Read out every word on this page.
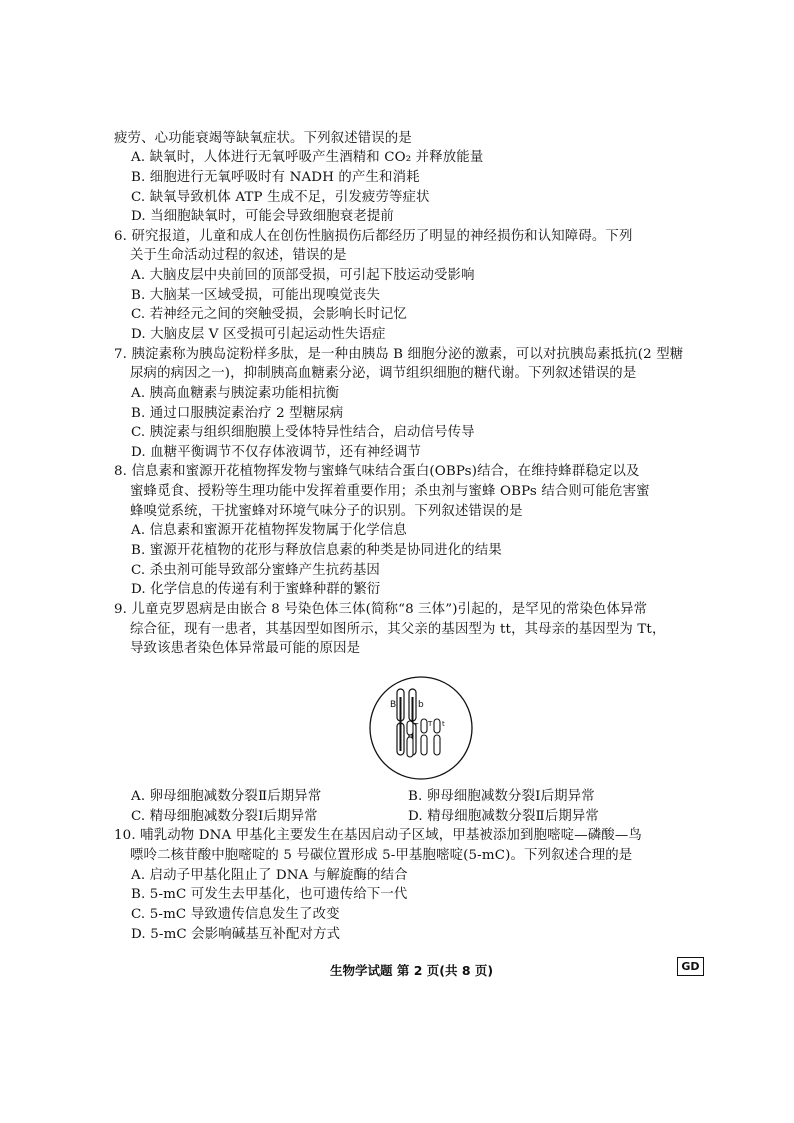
疲劳、心功能衰竭等缺氧症状。下列叙述错误的是
A. 缺氧时，人体进行无氧呼吸产生酒精和 CO₂ 并释放能量
B. 细胞进行无氧呼吸时有 NADH 的产生和消耗
C. 缺氧导致机体 ATP 生成不足，引发疲劳等症状
D. 当细胞缺氧时，可能会导致细胞衰老提前
6. 研究报道，儿童和成人在创伤性脑损伤后都经历了明显的神经损伤和认知障碍。下列
关于生命活动过程的叙述，错误的是
A. 大脑皮层中央前回的顶部受损，可引起下肢运动受影响
B. 大脑某一区域受损，可能出现嗅觉丧失
C. 若神经元之间的突触受损，会影响长时记忆
D. 大脑皮层 V 区受损可引起运动性失语症
7. 胰淀素称为胰岛淀粉样多肽，是一种由胰岛 B 细胞分泌的激素，可以对抗胰岛素抵抗(2 型糖
尿病的病因之一)，抑制胰高血糖素分泌，调节组织细胞的糖代谢。下列叙述错误的是
A. 胰高血糖素与胰淀素功能相抗衡
B. 通过口服胰淀素治疗 2 型糖尿病
C. 胰淀素与组织细胞膜上受体特异性结合，启动信号传导
D. 血糖平衡调节不仅存体液调节，还有神经调节
8. 信息素和蜜源开花植物挥发物与蜜蜂气味结合蛋白(OBPs)结合，在维持蜂群稳定以及
蜜蜂觅食、授粉等生理功能中发挥着重要作用；杀虫剂与蜜蜂 OBPs 结合则可能危害蜜
蜂嗅觉系统，干扰蜜蜂对环境气味分子的识别。下列叙述错误的是
A. 信息素和蜜源开花植物挥发物属于化学信息
B. 蜜源开花植物的花形与释放信息素的种类是协同进化的结果
C. 杀虫剂可能导致部分蜜蜂产生抗药基因
D. 化学信息的传递有利于蜜蜂种群的繁衍
9. 儿童克罗恩病是由嵌合 8 号染色体三体(简称“8 三体”)引起的，是罕见的常染色体异常
综合征，现有一患者，其基因型如图所示，其父亲的基因型为 tt，其母亲的基因型为 Tt，
导致该患者染色体异常最可能的原因是
B b
T T t
A. 卵母细胞减数分裂Ⅱ后期异常	B. 卵母细胞减数分裂Ⅰ后期异常
C. 精母细胞减数分裂Ⅰ后期异常	D. 精母细胞减数分裂Ⅱ后期异常
10. 哺乳动物 DNA 甲基化主要发生在基因启动子区域，甲基被添加到胞嘧啶—磷酸—鸟
嘌呤二核苷酸中胞嘧啶的 5 号碳位置形成 5-甲基胞嘧啶(5-mC)。下列叙述合理的是
A. 启动子甲基化阻止了 DNA 与解旋酶的结合
B. 5-mC 可发生去甲基化，也可遗传给下一代
C. 5-mC 导致遗传信息发生了改变
D. 5-mC 会影响碱基互补配对方式
生物学试题 第 2 页(共 8 页)	GD
